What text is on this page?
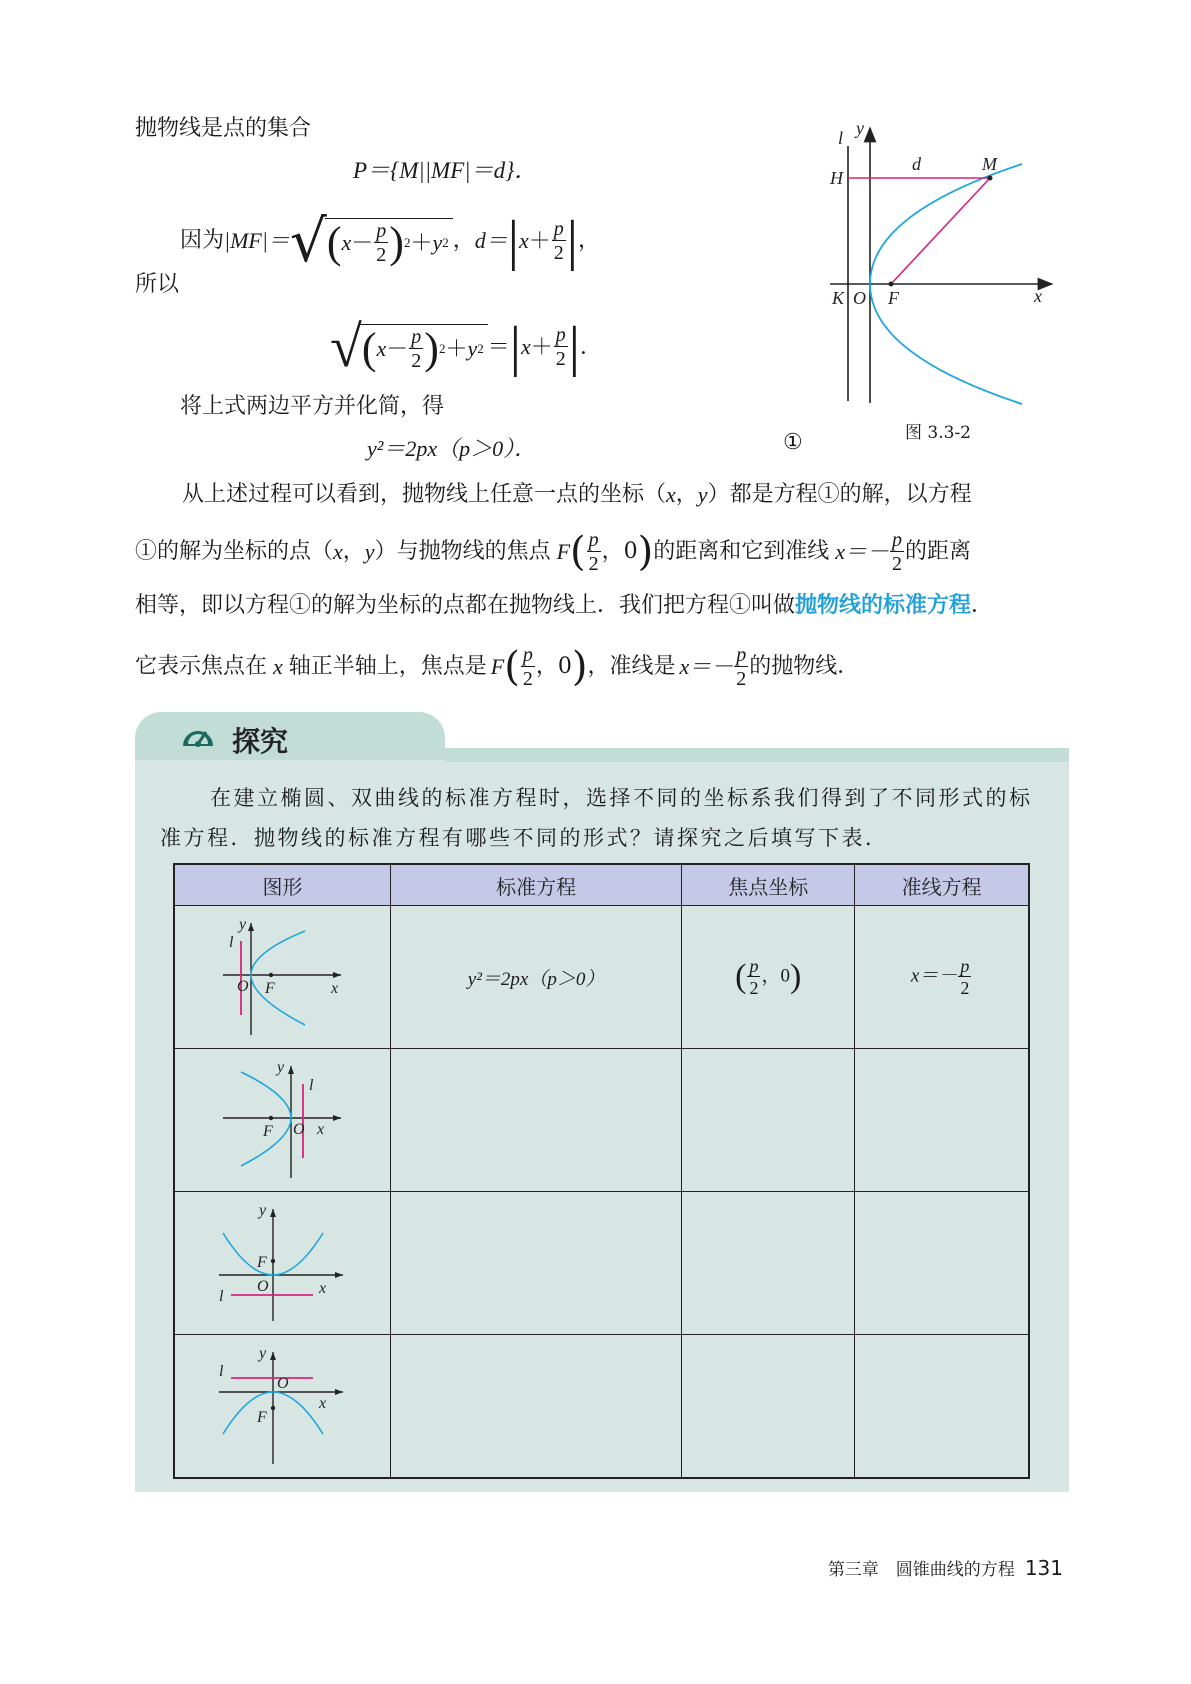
抛物线是点的集合
P＝{M||MF|＝d}．
因为 |MF|＝ √ ( $x - \frac{p}{2}$ ) 2 ＋ y 2 ， d＝ | $x + \frac{p}{2}$ | ，
所以
√ ( $x - \frac{p}{2}$ ) 2 ＋ y 2 ＝ | $x + \frac{p}{2}$ | ．
将上式两边平方并化简，得
y²＝2px（p＞0）．	①
l y
H
d	M
K O F	x
图 3.3-2
从上述过程可以看到，抛物线上任意一点的坐标（ x ， y ）都是方程①的解，以方程
①的解为坐标的点（ x ， y ）与抛物线的焦点 F ( $\frac{p}{2}$ ， 0 ) 的距离和它到准线 $x=- \frac{p}{2}$ 的距离
相等，即以方程①的解为坐标的点都在抛物线上．我们把方程①叫做抛物线的标准方程．
它表示焦点在 x 轴正半轴上，焦点是 F ( $\frac{p}{2}$ ， 0 ) ，准线是 $x=- \frac{p}{2}$ 的抛物线．
探究
在建立椭圆、双曲线的标准方程时，选择不同的坐标系我们得到了不同形式的标
准方程．抛物线的标准方程有哪些不同的形式？请探究之后填写下表．
图形	标准方程	焦点坐标	准线方程

y
l
O F x	y²＝2px（p＞0）	( $\frac{p}{2}$ ，0)	$x=- \frac{p}{2}$

y
l
O
F x			

y
F
O
l x			

y
l
O
F
x			

第三章　圆锥曲线的方程 131
